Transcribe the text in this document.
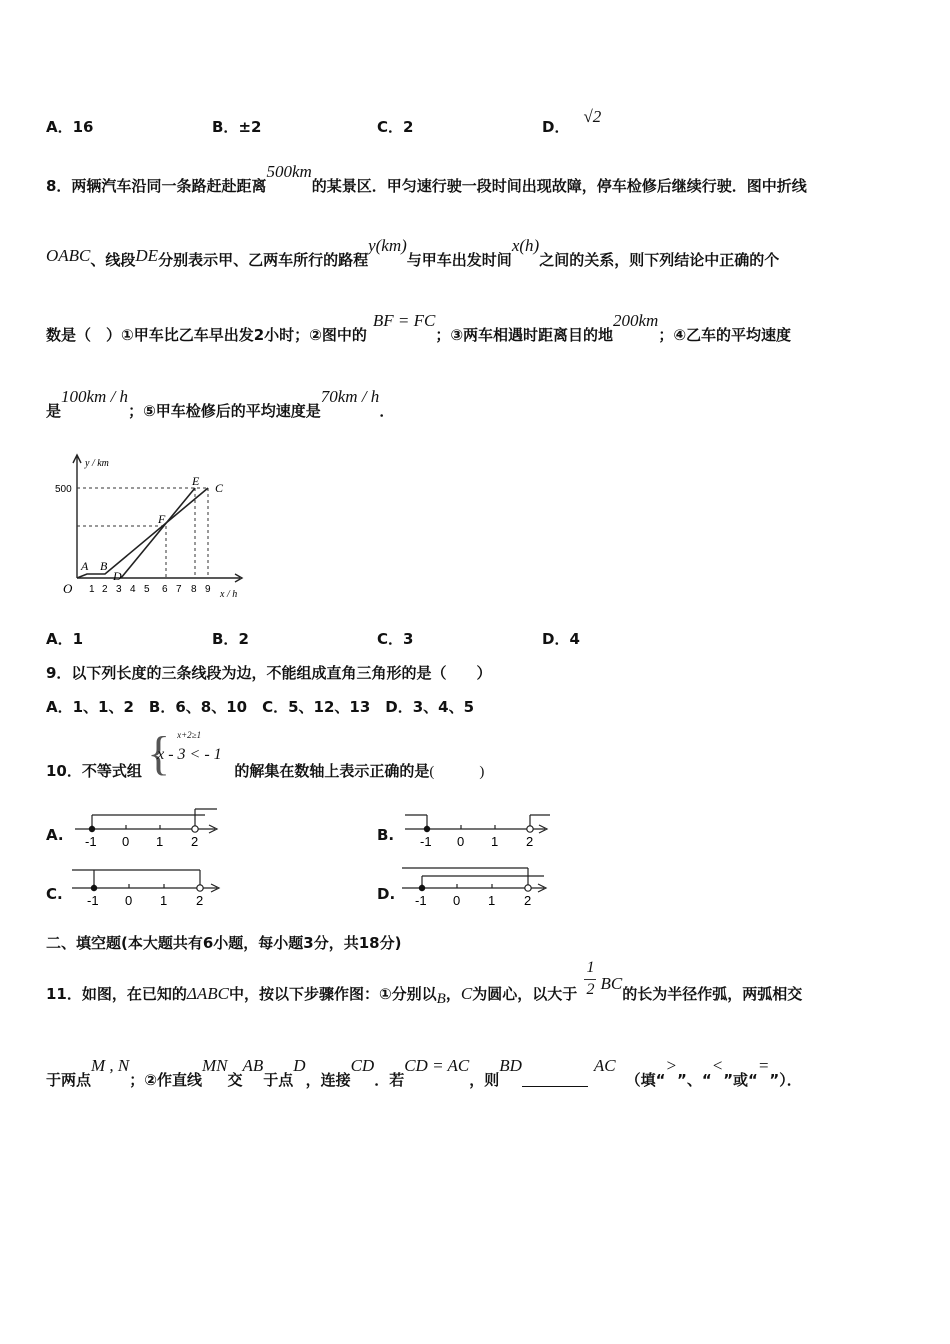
A．16	B．±2	C．2	D．√2
8．两辆汽车沿同一条路赶赴距离500km的某景区．甲匀速行驶一段时间出现故障，停车检修后继续行驶．图中折线
OABC、线段DE分别表示甲、乙两车所行的路程y(km)与甲车出发时间x(h)之间的关系，则下列结论中正确的个
数是（　）①甲车比乙车早出发2小时；②图中的BF = FC；③两车相遇时距离目的地200km；④乙车的平均速度
是100km / h；⑤甲车检修后的平均速度是70km / h．
y / km
500
O	x / h
1 2 3 4 5 6 7 8 9
A B
D
F
E C
A．1	B．2	C．3	D．4
9．以下列长度的三条线段为边，不能组成直角三角形的是（　　）
A．1、1、2　B．6、8、10　C．5、12、13　D．3、4、5
10．不等式组 { x+2≥1
x - 3 < - 1
的解集在数轴上表示正确的是(　　　)
A. -1 0 1 2	B. -1 0 1 2
C. -1 0 1 2	D. -1 0 1 2
二、填空题(本大题共有6小题，每小题3分，共18分)
11．如图，在已知的ΔABC中，按以下步骤作图：①分别以B，C为圆心，以大于 $\frac{1}{2}$
BC的长为半径作弧，两弧相交
于两点M , N；②作直线MN交AB于点D，连接CD．若CD = AC，则BD	AC（填“>”、“<”或“=”）．
